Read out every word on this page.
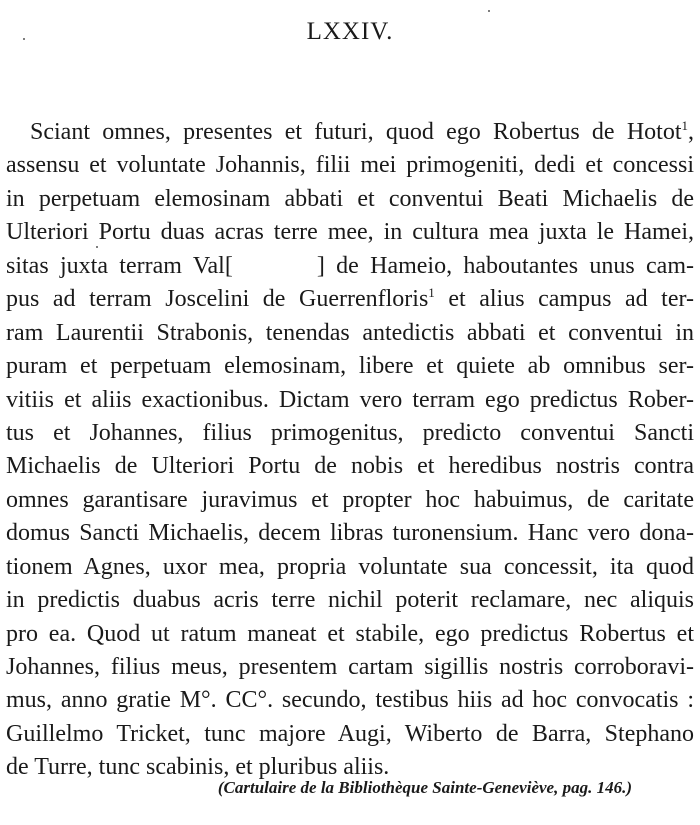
LXXIV.
Sciant omnes, presentes et futuri, quod ego Robertus de Hotot$^1$,
assensu et voluntate Johannis, filii mei primogeniti, dedi et concessi
in perpetuam elemosinam abbati et conventui Beati Michaelis de
Ulteriori Portu duas acras terre mee, in cultura mea juxta le Hamei,
sitas juxta terram Val[	] de Hameio, haboutantes unus cam-
pus ad terram Joscelini de Guerrenfloris$^1$ et alius campus ad ter-
ram Laurentii Strabonis, tenendas antedictis abbati et conventui in
puram et perpetuam elemosinam, libere et quiete ab omnibus ser-
vitiis et aliis exactionibus. Dictam vero terram ego predictus Rober-
tus et Johannes, filius primogenitus, predicto conventui Sancti
Michaelis de Ulteriori Portu de nobis et heredibus nostris contra
omnes garantisare juravimus et propter hoc habuimus, de caritate
domus Sancti Michaelis, decem libras turonensium. Hanc vero dona-
tionem Agnes, uxor mea, propria voluntate sua concessit, ita quod
in predictis duabus acris terre nichil poterit reclamare, nec aliquis
pro ea. Quod ut ratum maneat et stabile, ego predictus Robertus et
Johannes, filius meus, presentem cartam sigillis nostris corroboravi-
mus, anno gratie M°. CC°. secundo, testibus hiis ad hoc convocatis :
Guillelmo Tricket, tunc majore Augi, Wiberto de Barra, Stephano
de Turre, tunc scabinis, et pluribus aliis.
(Cartulaire de la Bibliothèque Sainte-Geneviève, pag. 146.)
